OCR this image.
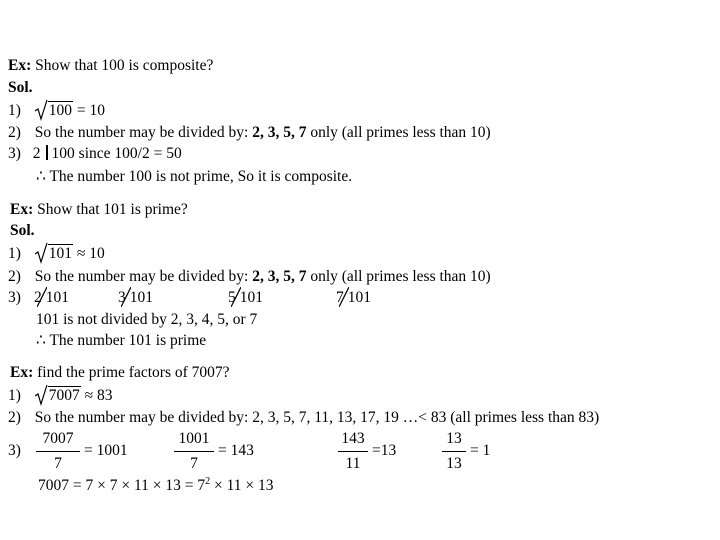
Ex: Show that 100 is composite?
Sol.
1) 100 = 10
2) So the number may be divided by: 2, 3, 5, 7 only (all primes less than 10)
3) 2 100 since 100/2 = 50
∴ The number 100 is not prime, So it is composite.
Ex: Show that 101 is prime?
Sol.
1) 101 ≈ 10
2) So the number may be divided by: 2, 3, 5, 7 only (all primes less than 10)
3) 2 101	3 101	5 101	7 101
101 is not divided by 2, 3, 4, 5, or 7
∴ The number 101 is prime
Ex: find the prime factors of 7007?
1) 7007 ≈ 83
2) So the number may be divided by: 2, 3, 5, 7, 11, 13, 17, 19 …< 83 (all primes less than 83)
3)
7007
7
= 1001
1001
7
= 143
143
11
=13
13
13
= 1
$7007 = 7 \times 7 \times 11 \times 13 = 7^2 \times 11 \times 13$
